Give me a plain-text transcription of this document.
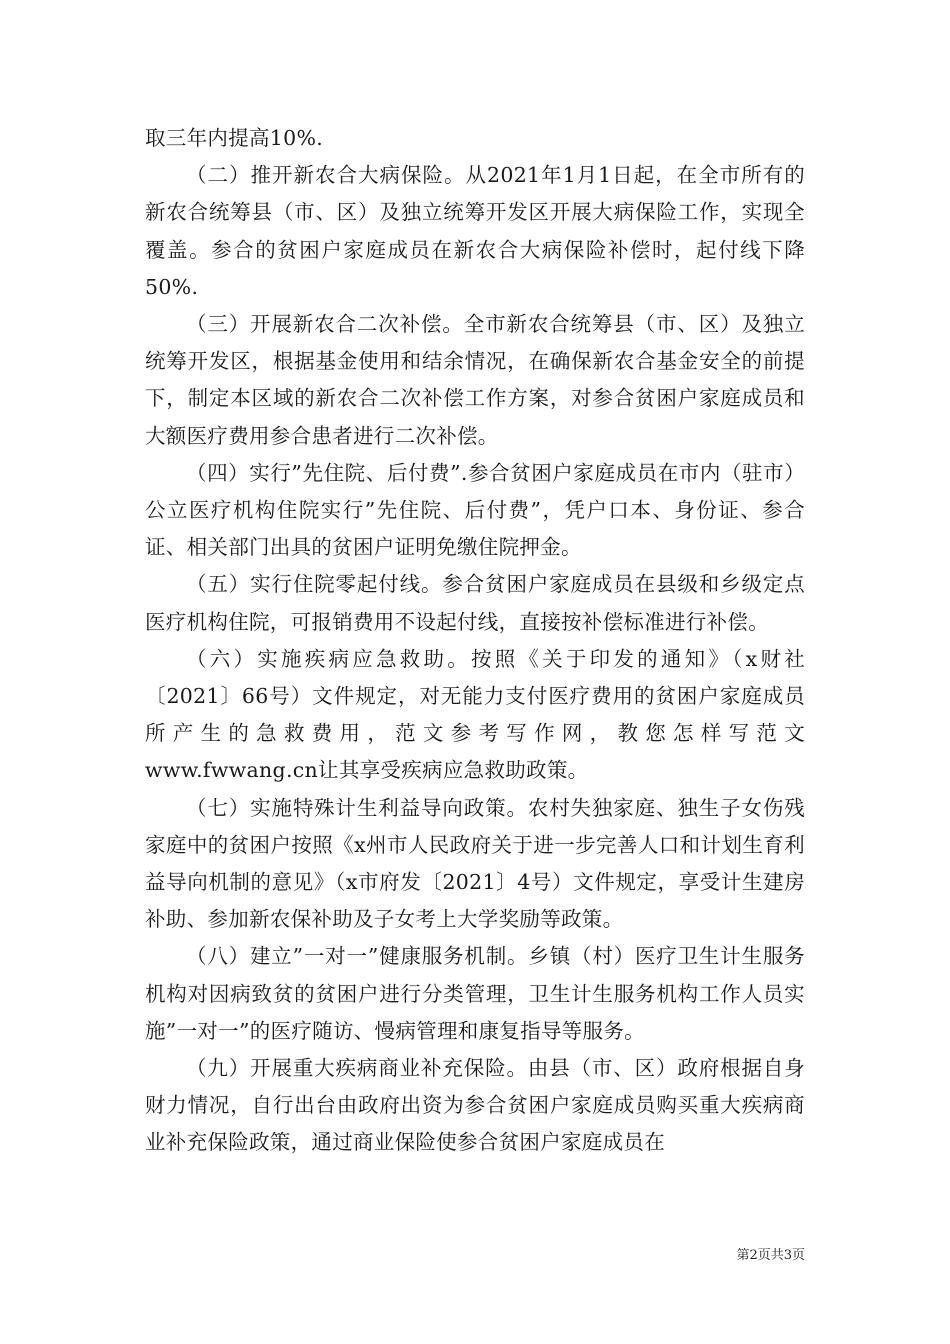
取三年内提高10%.

（二）推开新农合大病保险。从2021年1月1日起，在全市所有的新农合统筹县（市、区）及独立统筹开发区开展大病保险工作，实现全覆盖。参合的贫困户家庭成员在新农合大病保险补偿时，起付线下降50%.

（三）开展新农合二次补偿。全市新农合统筹县（市、区）及独立统筹开发区，根据基金使用和结余情况，在确保新农合基金安全的前提下，制定本区域的新农合二次补偿工作方案，对参合贫困户家庭成员和大额医疗费用参合患者进行二次补偿。

（四）实行”先住院、后付费”.参合贫困户家庭成员在市内（驻市）公立医疗机构住院实行”先住院、后付费”，凭户口本、身份证、参合证、相关部门出具的贫困户证明免缴住院押金。

（五）实行住院零起付线。参合贫困户家庭成员在县级和乡级定点医疗机构住院，可报销费用不设起付线，直接按补偿标准进行补偿。

（六）实施疾病应急救助。按照《关于印发的通知》（x财社〔2021〕66号）文件规定，对无能力支付医疗费用的贫困户家庭成员所产生的急救费用，范文参考写作网，教您怎样写范文www.fwwang.cn让其享受疾病应急救助政策。

（七）实施特殊计生利益导向政策。农村失独家庭、独生子女伤残家庭中的贫困户按照《x州市人民政府关于进一步完善人口和计划生育利益导向机制的意见》（x市府发〔2021〕4号）文件规定，享受计生建房补助、参加新农保补助及子女考上大学奖励等政策。

（八）建立”一对一”健康服务机制。乡镇（村）医疗卫生计生服务机构对因病致贫的贫困户进行分类管理，卫生计生服务机构工作人员实施”一对一”的医疗随访、慢病管理和康复指导等服务。

（九）开展重大疾病商业补充保险。由县（市、区）政府根据自身财力情况，自行出台由政府出资为参合贫困户家庭成员购买重大疾病商业补充保险政策，通过商业保险使参合贫困户家庭成员在

第2页共3页
